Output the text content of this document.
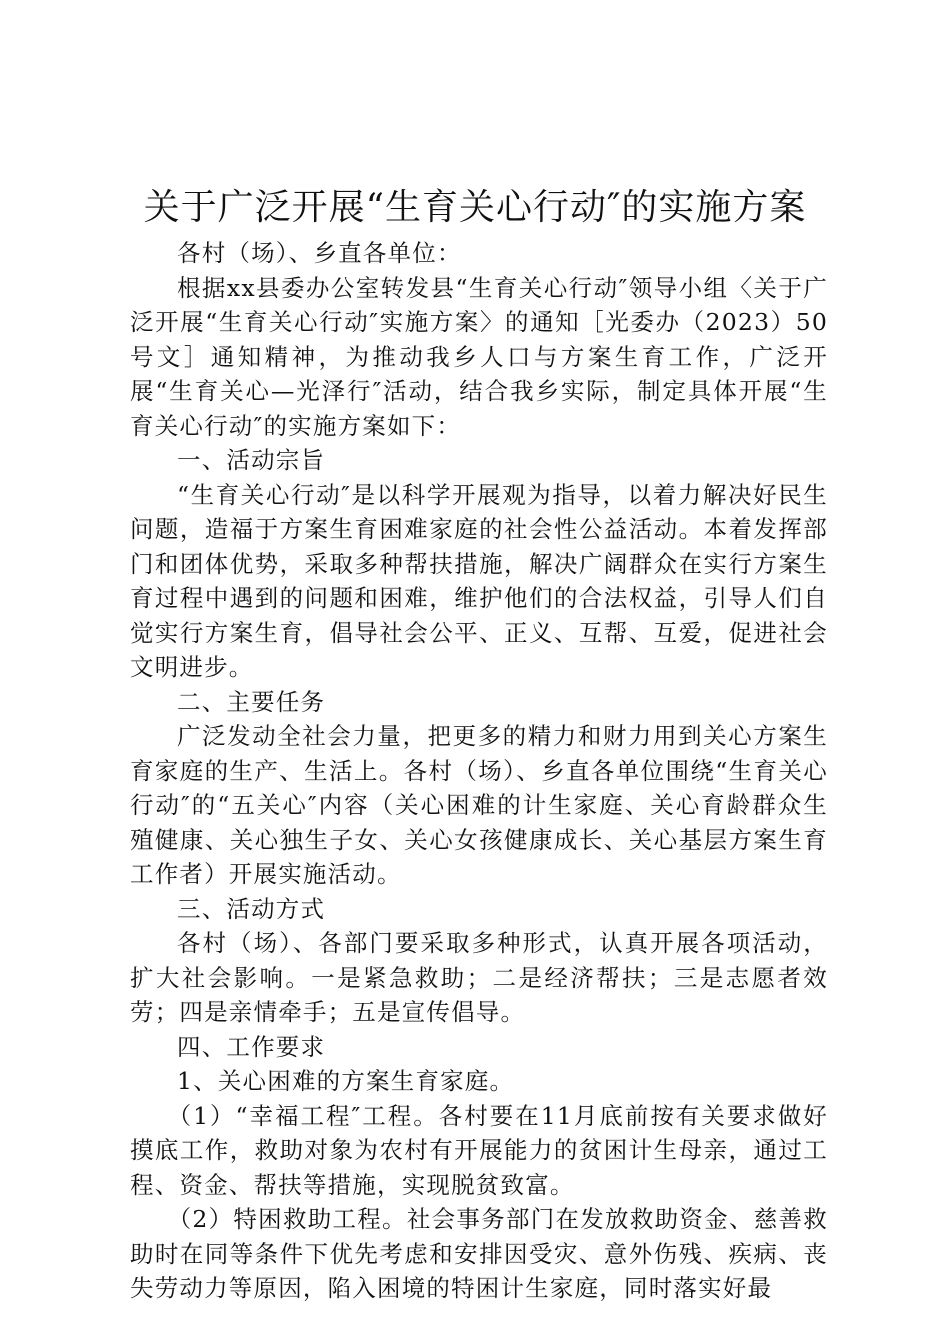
关于广泛开展“生育关心行动″的实施方案

各村（场）、乡直各单位：

根据xx县委办公室转发县“生育关心行动″领导小组〈关于广泛开展“生育关心行动″实施方案〉的通知［光委办（2023）50号文］通知精神，为推动我乡人口与方案生育工作，广泛开展“生育关心—光泽行″活动，结合我乡实际，制定具体开展“生育关心行动″的实施方案如下：

一、活动宗旨

“生育关心行动″是以科学开展观为指导，以着力解决好民生问题，造福于方案生育困难家庭的社会性公益活动。本着发挥部门和团体优势，采取多种帮扶措施，解决广阔群众在实行方案生育过程中遇到的问题和困难，维护他们的合法权益，引导人们自觉实行方案生育，倡导社会公平、正义、互帮、互爱，促进社会文明进步。

二、主要任务

广泛发动全社会力量，把更多的精力和财力用到关心方案生育家庭的生产、生活上。各村（场）、乡直各单位围绕“生育关心行动″的“五关心″内容（关心困难的计生家庭、关心育龄群众生殖健康、关心独生子女、关心女孩健康成长、关心基层方案生育工作者）开展实施活动。

三、活动方式

各村（场）、各部门要采取多种形式，认真开展各项活动，扩大社会影响。一是紧急救助；二是经济帮扶；三是志愿者效劳；四是亲情牵手；五是宣传倡导。

四、工作要求

1、关心困难的方案生育家庭。

（1）“幸福工程″工程。各村要在11月底前按有关要求做好摸底工作，救助对象为农村有开展能力的贫困计生母亲，通过工程、资金、帮扶等措施，实现脱贫致富。

（2）特困救助工程。社会事务部门在发放救助资金、慈善救助时在同等条件下优先考虑和安排因受灾、意外伤残、疾病、丧失劳动力等原因，陷入困境的特困计生家庭，同时落实好最
